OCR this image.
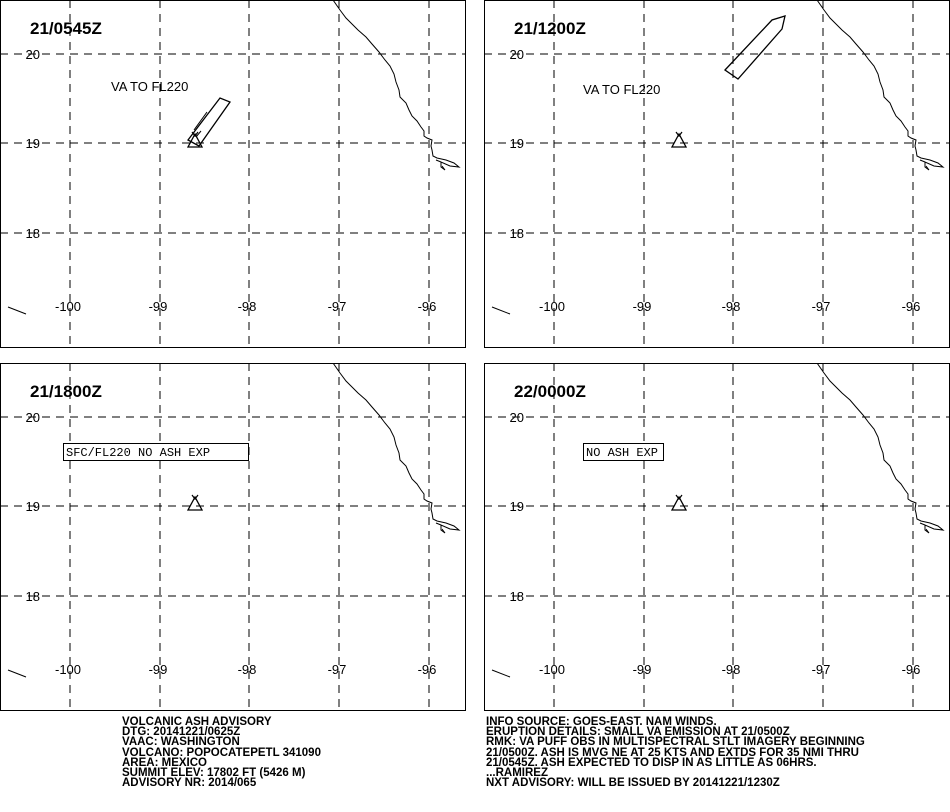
-100	-99	-98	-97	-96
20
19
18
21/0545Z
VA TO FL220
-100	-99	-98	-97	-96
20
19
18
21/1200Z
VA TO FL220
-100	-99	-98	-97	-96
20
19
18
21/1800Z
SFC/FL220 NO ASH EXP
-100	-99	-98	-97	-96
20
19
18
22/0000Z
NO ASH EXP
VOLCANIC ASH ADVISORY
DTG: 20141221/0625Z
VAAC: WASHINGTON
VOLCANO: POPOCATEPETL 341090
AREA: MEXICO
SUMMIT ELEV: 17802 FT (5426 M)
ADVISORY NR: 2014/065
INFO SOURCE: GOES-EAST. NAM WINDS.
ERUPTION DETAILS: SMALL VA EMISSION AT 21/0500Z
RMK: VA PUFF OBS IN MULTISPECTRAL STLT IMAGERY BEGINNING
21/0500Z. ASH IS MVG NE AT 25 KTS AND EXTDS FOR 35 NMI THRU
21/0545Z. ASH EXPECTED TO DISP IN AS LITTLE AS 06HRS.
...RAMIREZ
NXT ADVISORY: WILL BE ISSUED BY 20141221/1230Z
